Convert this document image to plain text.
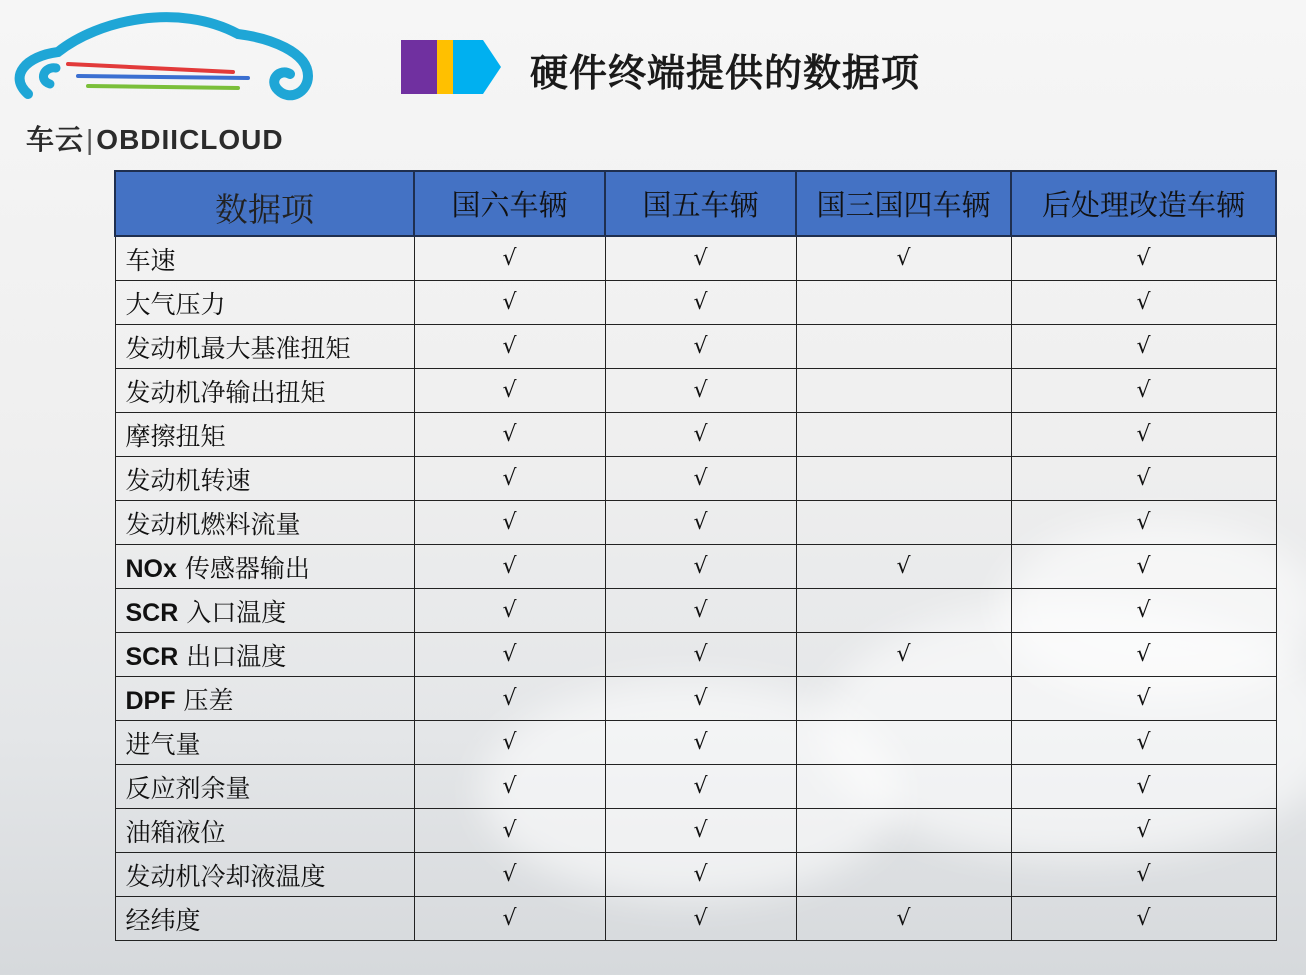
车云|OBDIICLOUD
硬件终端提供的数据项
数据项	国六车辆	国五车辆	国三国四车辆	后处理改造车辆
车速	√	√	√	√
大气压力	√	√		√
发动机最大基准扭矩	√	√		√
发动机净输出扭矩	√	√		√
摩擦扭矩	√	√		√
发动机转速	√	√		√
发动机燃料流量	√	√		√
NOx 传感器输出	√	√	√	√
SCR 入口温度	√	√		√
SCR 出口温度	√	√	√	√
DPF 压差	√	√		√
进气量	√	√		√
反应剂余量	√	√		√
油箱液位	√	√		√
发动机冷却液温度	√	√		√
经纬度	√	√	√	√
